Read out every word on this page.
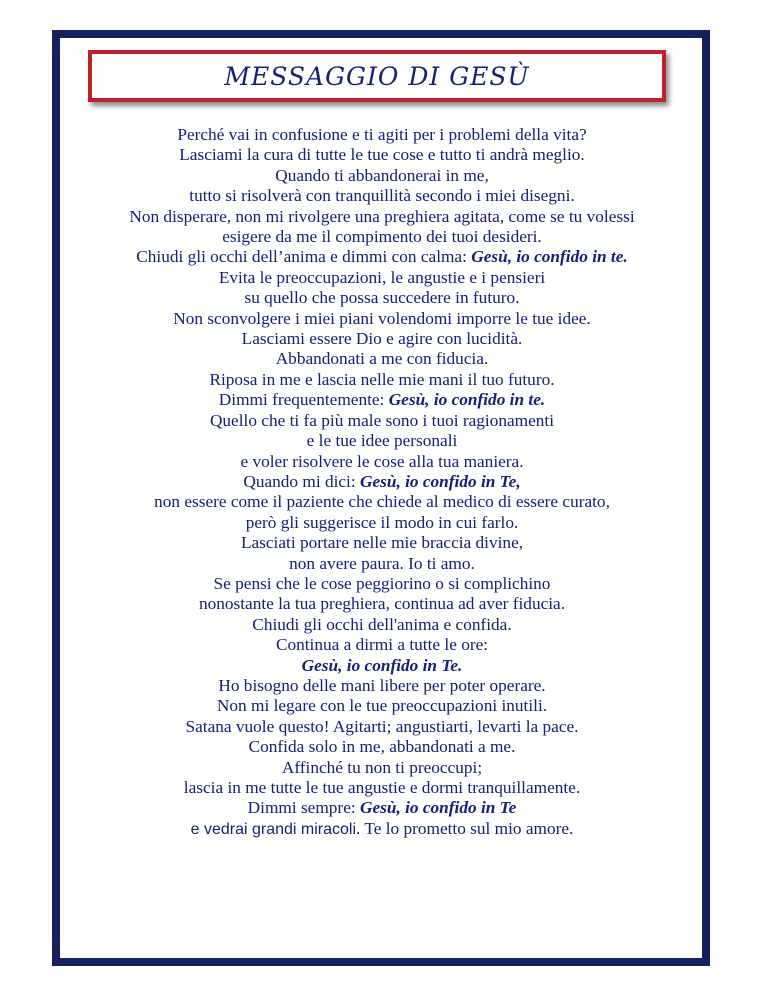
MESSAGGIO DI GESÙ
Perché vai in confusione e ti agiti per i problemi della vita?
Lasciami la cura di tutte le tue cose e tutto ti andrà meglio.
Quando ti abbandonerai in me,
tutto si risolverà con tranquillità secondo i miei disegni.
Non disperare, non mi rivolgere una preghiera agitata, come se tu volessi
esigere da me il compimento dei tuoi desideri.
Chiudi gli occhi dell’anima e dimmi con calma: Gesù, io confido in te.
Evita le preoccupazioni, le angustie e i pensieri
su quello che possa succedere in futuro.
Non sconvolgere i miei piani volendomi imporre le tue idee.
Lasciami essere Dio e agire con lucidità.
Abbandonati a me con fiducia.
Riposa in me e lascia nelle mie mani il tuo futuro.
Dimmi frequentemente: Gesù, io confido in te.
Quello che ti fa più male sono i tuoi ragionamenti
e le tue idee personali
e voler risolvere le cose alla tua maniera.
Quando mi dici: Gesù, io confido in Te,
non essere come il paziente che chiede al medico di essere curato,
però gli suggerisce il modo in cui farlo.
Lasciati portare nelle mie braccia divine,
non avere paura. Io ti amo.
Se pensi che le cose peggiorino o si complichino
nonostante la tua preghiera, continua ad aver fiducia.
Chiudi gli occhi dell'anima e confida.
Continua a dirmi a tutte le ore:
Gesù, io confido in Te.
Ho bisogno delle mani libere per poter operare.
Non mi legare con le tue preoccupazioni inutili.
Satana vuole questo! Agitarti; angustiarti, levarti la pace.
Confida solo in me, abbandonati a me.
Affinché tu non ti preoccupi;
lascia in me tutte le tue angustie e dormi tranquillamente.
Dimmi sempre: Gesù, io confido in Te
e vedrai grandi miracoli. Te lo prometto sul mio amore.
